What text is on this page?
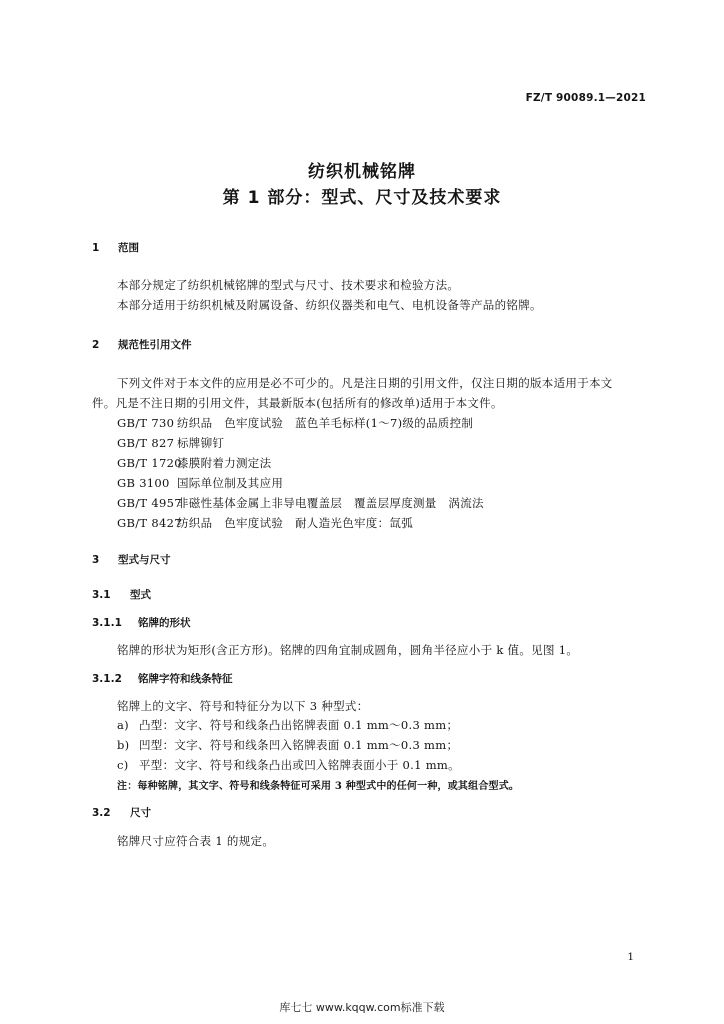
FZ/T 90089.1—2021
纺织机械铭牌
第 1 部分：型式、尺寸及技术要求
1 范围
本部分规定了纺织机械铭牌的型式与尺寸、技术要求和检验方法。
本部分适用于纺织机械及附属设备、纺织仪器类和电气、电机设备等产品的铭牌。
2 规范性引用文件
下列文件对于本文件的应用是必不可少的。凡是注日期的引用文件，仅注日期的版本适用于本文
件。凡是不注日期的引用文件，其最新版本(包括所有的修改单)适用于本文件。
GB/T 730 纺织品　色牢度试验　蓝色羊毛标样(1～7)级的品质控制
GB/T 827 标牌铆钉
GB/T 1720漆膜附着力测定法
GB 3100 国际单位制及其应用
GB/T 4957非磁性基体金属上非导电覆盖层　覆盖层厚度测量　涡流法
GB/T 8427纺织品　色牢度试验　耐人造光色牢度：氙弧
3 型式与尺寸
3.1 型式
3.1.1 铭牌的形状
铭牌的形状为矩形(含正方形)。铭牌的四角宜制成圆角，圆角半径应小于 k 值。见图 1。
3.1.2 铭牌字符和线条特征
铭牌上的文字、符号和特征分为以下 3 种型式：
a) 凸型：文字、符号和线条凸出铭牌表面 0.1 mm～0.3 mm；
b) 凹型：文字、符号和线条凹入铭牌表面 0.1 mm～0.3 mm；
c) 平型：文字、符号和线条凸出或凹入铭牌表面小于 0.1 mm。
注：每种铭牌，其文字、符号和线条特征可采用 3 种型式中的任何一种，或其组合型式。
3.2 尺寸
铭牌尺寸应符合表 1 的规定。
1
库七七 www.kqqw.com标准下载
